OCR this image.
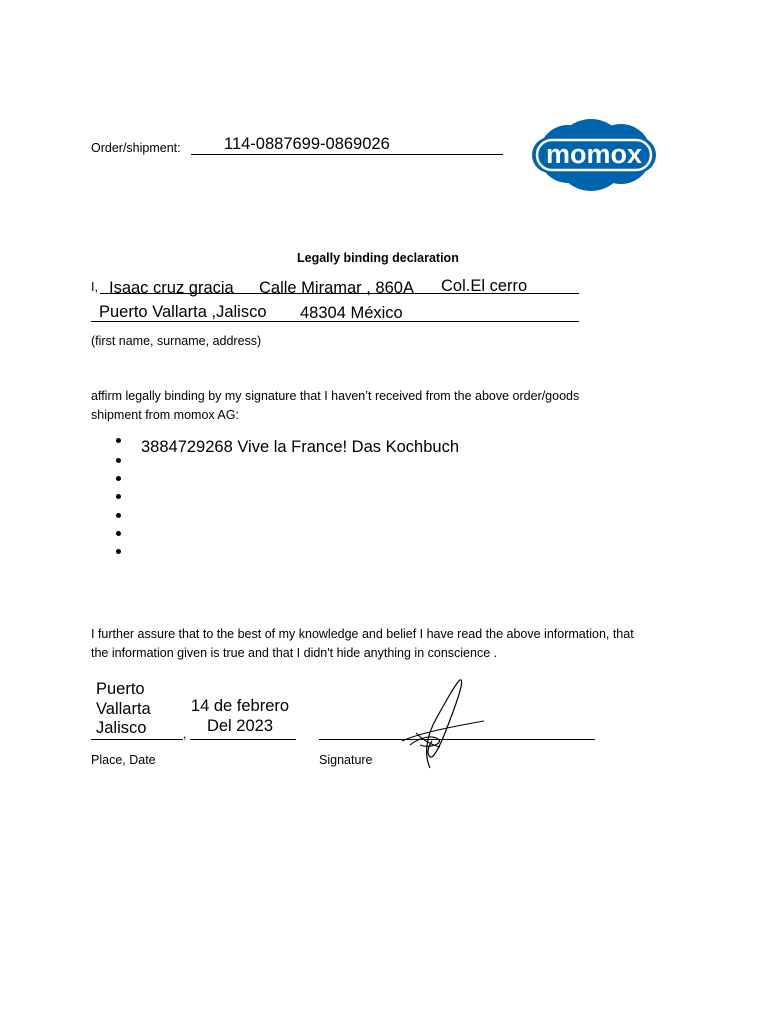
Order/shipment:	114-0887699-0869026	momox
Legally binding declaration
I, Isaac cruz gracia Calle Miramar , 860A Col.El cerro
Puerto Vallarta ,Jalisco 48304 México
(first name, surname, address)
affirm legally binding by my signature that I haven’t received from the above order/goods
shipment from momox AG:
3884729268 Vive la France! Das Kochbuch
I further assure that to the best of my knowledge and belief I have read the above information, that
the information given is true and that I didn't hide anything in conscience .
Puerto
Vallarta
Jalisco	,
14 de febrero
Del 2023
Place, Date	Signature
